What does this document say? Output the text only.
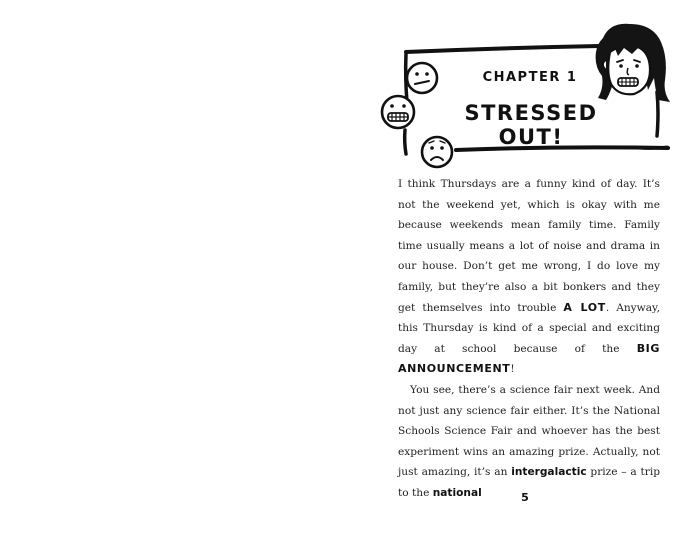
CHAPTER 1
STRESSED OUT!

I think Thursdays are a funny kind of day. It’s not the weekend yet, which is okay with me because weekends mean family time. Family time usually means a lot of noise and drama in our house. Don’t get me wrong, I do love my family, but they’re also a bit bonkers and they get themselves into trouble A LOT. Anyway, this Thursday is kind of a special and exciting day at school because of the BIG ANNOUNCEMENT!

You see, there’s a science fair next week. And not just any science fair either. It’s the National Schools Science Fair and whoever has the best experiment wins an amazing prize. Actually, not just amazing, it’s an intergalactic prize – a trip to the national	5
